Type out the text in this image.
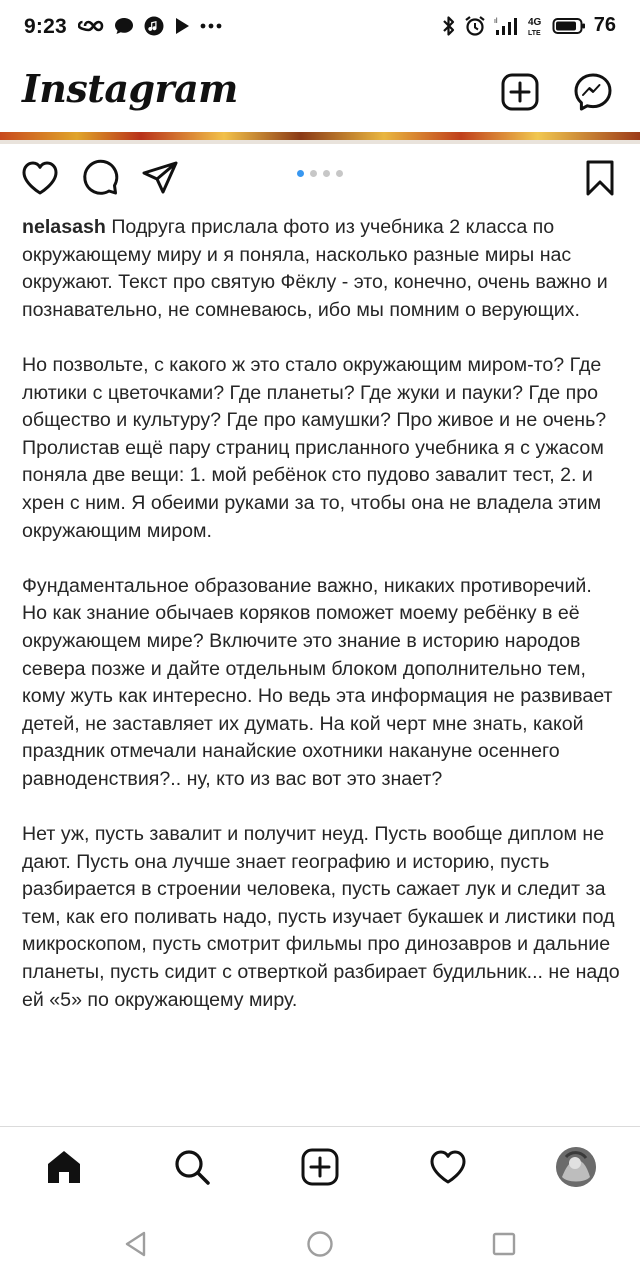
9:23	ıl	4G
LTE	76
Instagram

nelasash Подруга прислала фото из учебника 2 класса по окружающему миру и я поняла, насколько разные миры нас окружают. Текст про святую Фёклу - это, конечно, очень важно и познавательно, не сомневаюсь, ибо мы помним о верующих.

Но позвольте, с какого ж это стало окружающим миром-то? Где лютики с цветочками? Где планеты? Где жуки и пауки? Где про общество и культуру? Где про камушки? Про живое и не очень? Пролистав ещё пару страниц присланного учебника я с ужасом поняла две вещи: 1. мой ребёнок сто пудово завалит тест, 2. и хрен с ним. Я обеими руками за то, чтобы она не владела этим окружающим миром.

Фундаментальное образование важно, никаких противоречий. Но как знание обычаев коряков поможет моему ребёнку в её окружающем мире? Включите это знание в историю народов севера позже и дайте отдельным блоком дополнительно тем, кому жуть как интересно. Но ведь эта информация не развивает детей, не заставляет их думать. На кой черт мне знать, какой праздник отмечали нанайские охотники накануне осеннего равноденствия?.. ну, кто из вас вот это знает?

Нет уж, пусть завалит и получит неуд. Пусть вообще диплом не дают. Пусть она лучше знает географию и историю, пусть разбирается в строении человека, пусть сажает лук и следит за тем, как его поливать надо, пусть изучает букашек и листики под микроскопом, пусть смотрит фильмы про динозавров и дальние планеты, пусть сидит с отверткой разбирает будильник... не надо ей «5» по окружающему миру.
